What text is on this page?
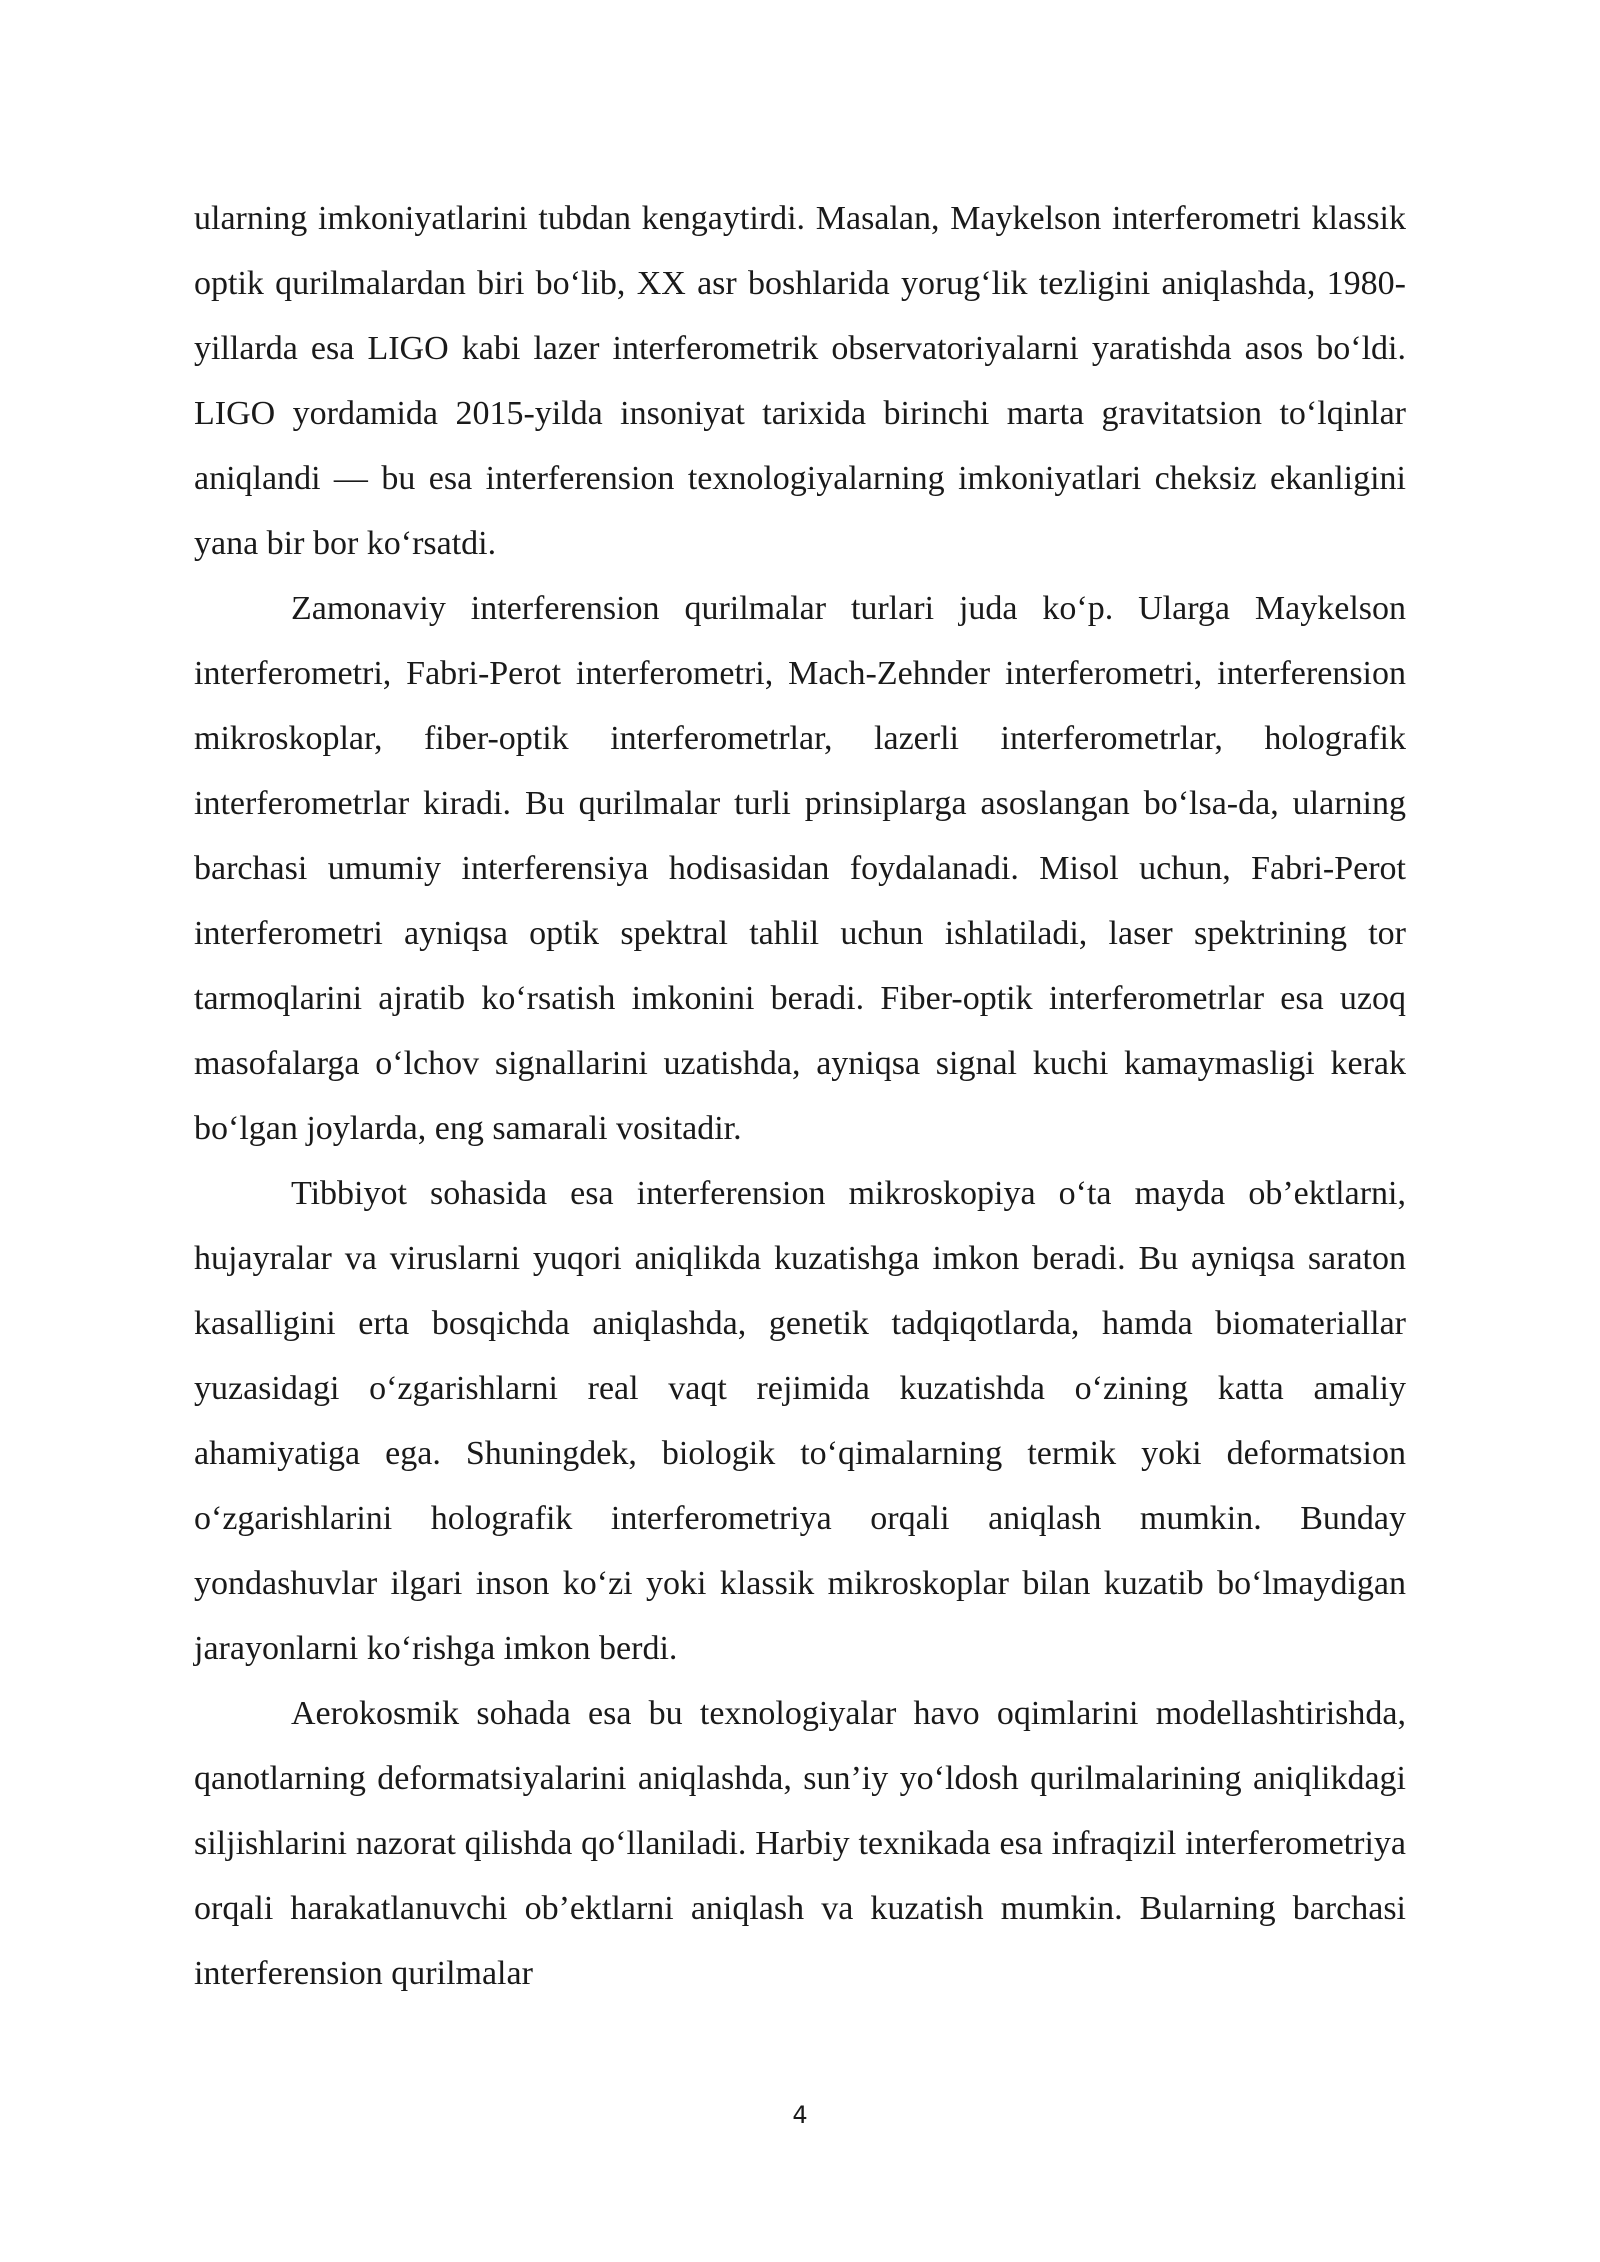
ularning imkoniyatlarini tubdan kengaytirdi. Masalan, Maykelson interferometri klassik optik qurilmalardan biri bo‘lib, XX asr boshlarida yorug‘lik tezligini aniqlashda, 1980-yillarda esa LIGO kabi lazer interferometrik observatoriyalarni yaratishda asos bo‘ldi. LIGO yordamida 2015-yilda insoniyat tarixida birinchi marta gravitatsion to‘lqinlar aniqlandi — bu esa interferension texnologiyalarning imkoniyatlari cheksiz ekanligini yana bir bor ko‘rsatdi.

Zamonaviy interferension qurilmalar turlari juda ko‘p. Ularga Maykelson interferometri, Fabri-Perot interferometri, Mach-Zehnder interferometri, interferension mikroskoplar, fiber-optik interferometrlar, lazerli interferometrlar, holografik interferometrlar kiradi. Bu qurilmalar turli prinsiplarga asoslangan bo‘lsa-da, ularning barchasi umumiy interferensiya hodisasidan foydalanadi. Misol uchun, Fabri-Perot interferometri ayniqsa optik spektral tahlil uchun ishlatiladi, laser spektrining tor tarmoqlarini ajratib ko‘rsatish imkonini beradi. Fiber-optik interferometrlar esa uzoq masofalarga o‘lchov signallarini uzatishda, ayniqsa signal kuchi kamaymasligi kerak bo‘lgan joylarda, eng samarali vositadir.

Tibbiyot sohasida esa interferension mikroskopiya o‘ta mayda ob’ektlarni, hujayralar va viruslarni yuqori aniqlikda kuzatishga imkon beradi. Bu ayniqsa saraton kasalligini erta bosqichda aniqlashda, genetik tadqiqotlarda, hamda biomateriallar yuzasidagi o‘zgarishlarni real vaqt rejimida kuzatishda o‘zining katta amaliy ahamiyatiga ega. Shuningdek, biologik to‘qimalarning termik yoki deformatsion o‘zgarishlarini holografik interferometriya orqali aniqlash mumkin. Bunday yondashuvlar ilgari inson ko‘zi yoki klassik mikroskoplar bilan kuzatib bo‘lmaydigan jarayonlarni ko‘rishga imkon berdi.

Aerokosmik sohada esa bu texnologiyalar havo oqimlarini modellashtirishda, qanotlarning deformatsiyalarini aniqlashda, sun’iy yo‘ldosh qurilmalarining aniqlikdagi siljishlarini nazorat qilishda qo‘llaniladi. Harbiy texnikada esa infraqizil interferometriya orqali harakatlanuvchi ob’ektlarni aniqlash va kuzatish mumkin. Bularning barchasi interferension qurilmalar

4
